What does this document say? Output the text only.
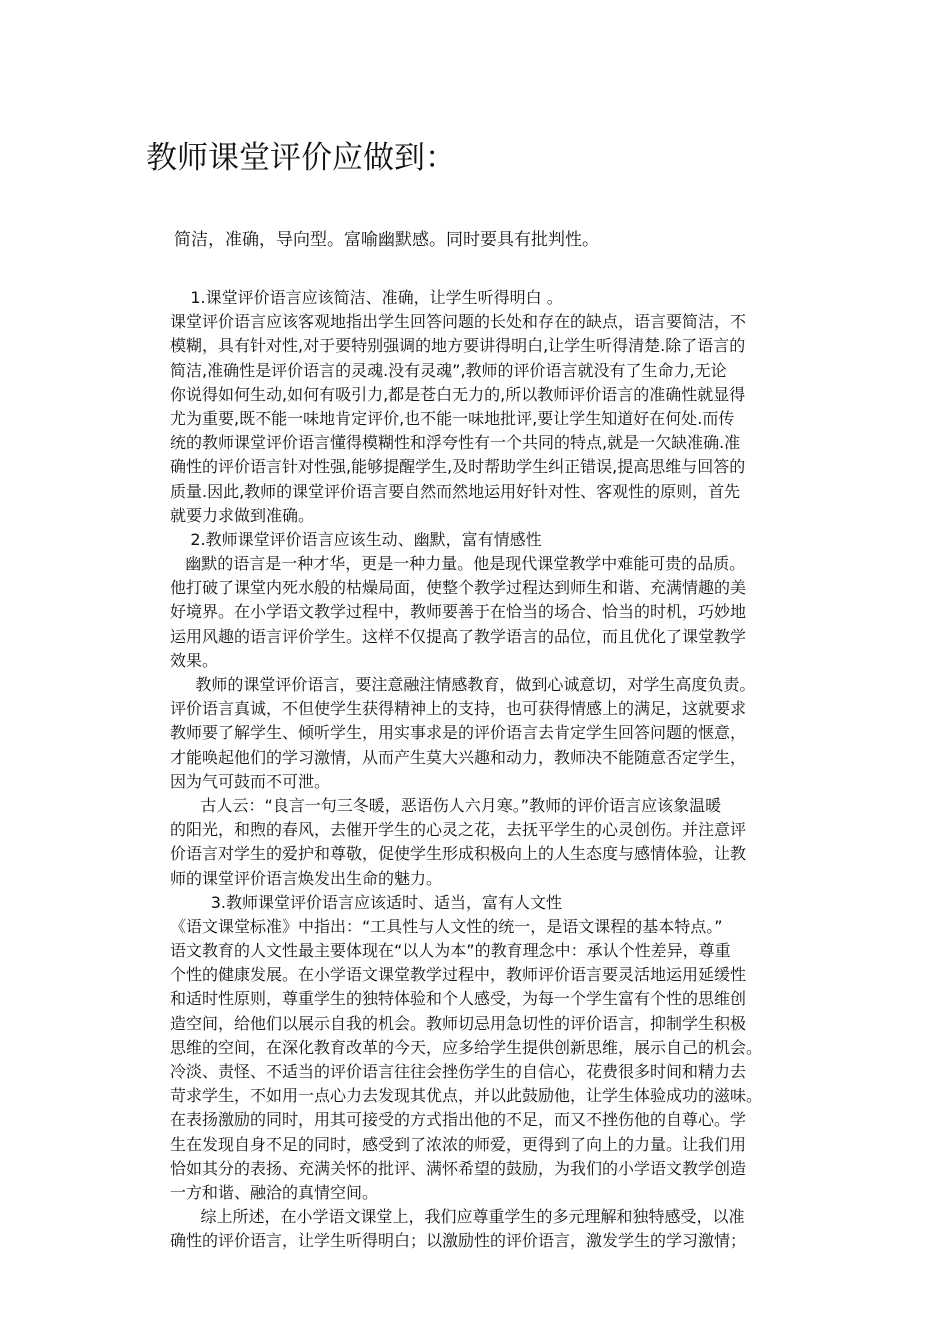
教师课堂评价应做到：
简洁，准确，导向型。富喻幽默感。同时要具有批判性。
1.课堂评价语言应该简洁、准确，让学生听得明白 。
课堂评价语言应该客观地指出学生回答问题的长处和存在的缺点，语言要简洁，不
模糊，具有针对性,对于要特别强调的地方要讲得明白,让学生听得清楚.除了语言的
简洁,准确性是评价语言的灵魂.没有灵魂”,教师的评价语言就没有了生命力,无论
你说得如何生动,如何有吸引力,都是苍白无力的,所以教师评价语言的准确性就显得
尤为重要,既不能一味地肯定评价,也不能一味地批评,要让学生知道好在何处.而传
统的教师课堂评价语言懂得模糊性和浮夸性有一个共同的特点,就是一欠缺准确.准
确性的评价语言针对性强,能够提醒学生,及时帮助学生纠正错误,提高思维与回答的
质量.因此,教师的课堂评价语言要自然而然地运用好针对性、客观性的原则，首先
就要力求做到准确。
2.教师课堂评价语言应该生动、幽默，富有情感性
幽默的语言是一种才华，更是一种力量。他是现代课堂教学中难能可贵的品质。
他打破了课堂内死水般的枯燥局面，使整个教学过程达到师生和谐、充满情趣的美
好境界。在小学语文教学过程中，教师要善于在恰当的场合、恰当的时机，巧妙地
运用风趣的语言评价学生。这样不仅提高了教学语言的品位，而且优化了课堂教学
效果。
教师的课堂评价语言，要注意融注情感教育，做到心诚意切，对学生高度负责。
评价语言真诚，不但使学生获得精神上的支持，也可获得情感上的满足，这就要求
教师要了解学生、倾听学生，用实事求是的评价语言去肯定学生回答问题的惬意，
才能唤起他们的学习激情，从而产生莫大兴趣和动力，教师决不能随意否定学生，
因为气可鼓而不可泄。
古人云：“良言一句三冬暖，恶语伤人六月寒。”教师的评价语言应该象温暖
的阳光，和煦的春风，去催开学生的心灵之花，去抚平学生的心灵创伤。并注意评
价语言对学生的爱护和尊敬，促使学生形成积极向上的人生态度与感情体验，让教
师的课堂评价语言焕发出生命的魅力。
3.教师课堂评价语言应该适时、适当，富有人文性
《语文课堂标准》中指出：“工具性与人文性的统一，是语文课程的基本特点。”
语文教育的人文性最主要体现在“以人为本”的教育理念中：承认个性差异，尊重
个性的健康发展。在小学语文课堂教学过程中，教师评价语言要灵活地运用延缓性
和适时性原则，尊重学生的独特体验和个人感受，为每一个学生富有个性的思维创
造空间，给他们以展示自我的机会。教师切忌用急切性的评价语言，抑制学生积极
思维的空间，在深化教育改革的今天，应多给学生提供创新思维，展示自己的机会。
冷淡、责怪、不适当的评价语言往往会挫伤学生的自信心，花费很多时间和精力去
苛求学生，不如用一点心力去发现其优点，并以此鼓励他，让学生体验成功的滋味。
在表扬激励的同时，用其可接受的方式指出他的不足，而又不挫伤他的自尊心。学
生在发现自身不足的同时，感受到了浓浓的师爱，更得到了向上的力量。让我们用
恰如其分的表扬、充满关怀的批评、满怀希望的鼓励，为我们的小学语文教学创造
一方和谐、融洽的真情空间。
综上所述，在小学语文课堂上，我们应尊重学生的多元理解和独特感受，以准
确性的评价语言，让学生听得明白；以激励性的评价语言，激发学生的学习激情；
